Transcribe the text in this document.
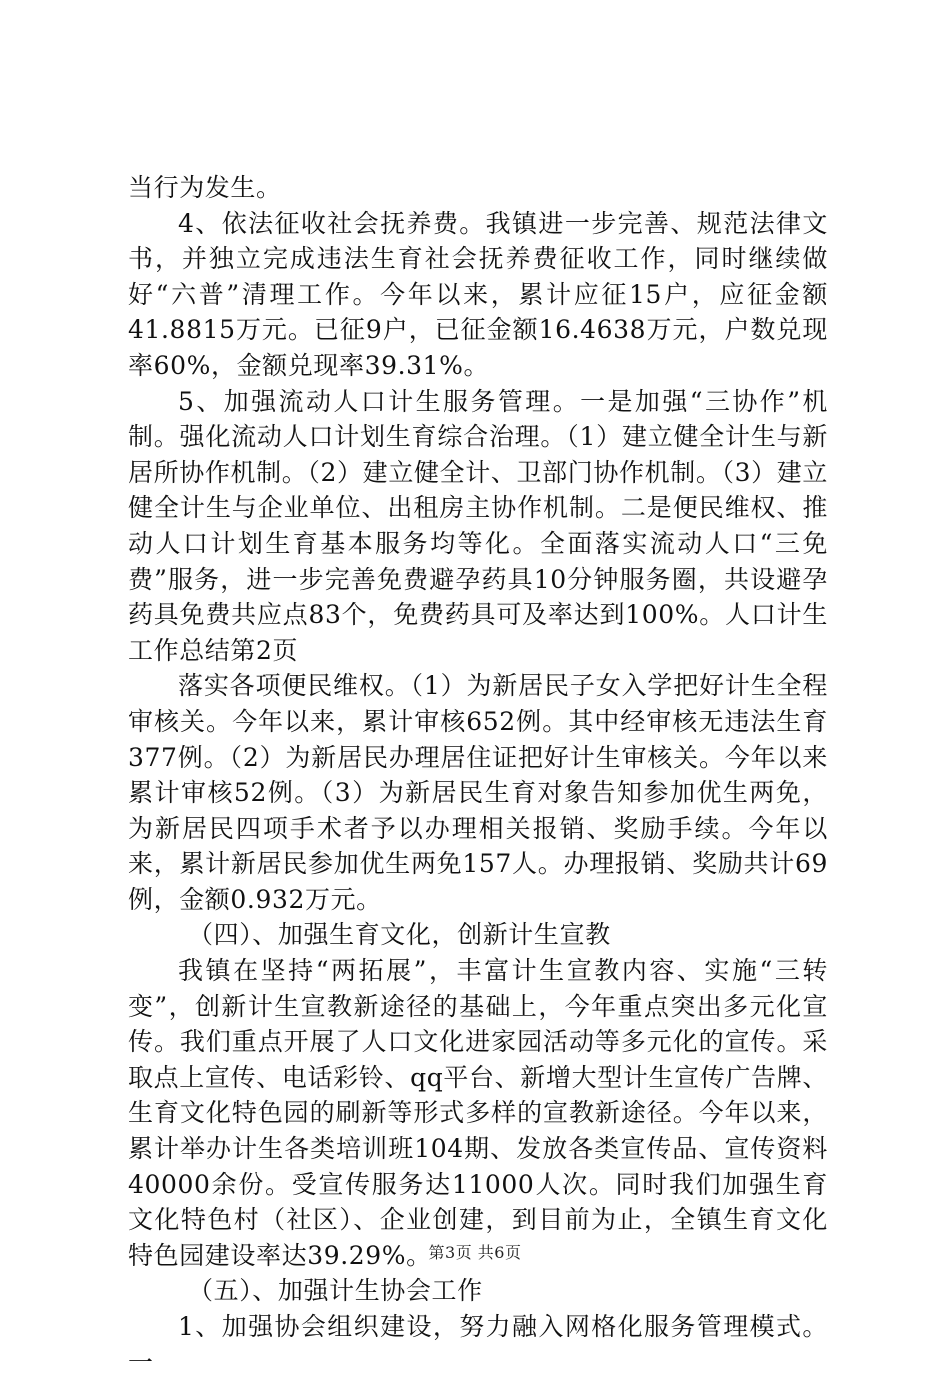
当行为发生。

4、依法征收社会抚养费。我镇进一步完善、规范法律文书，并独立完成违法生育社会抚养费征收工作，同时继续做好“六普”清理工作。今年以来，累计应征15户，应征金额41.8815万元。已征9户，已征金额16.4638万元，户数兑现率60%，金额兑现率39.31%。

5、加强流动人口计生服务管理。一是加强“三协作”机制。强化流动人口计划生育综合治理。（1）建立健全计生与新居所协作机制。（2）建立健全计、卫部门协作机制。（3）建立健全计生与企业单位、出租房主协作机制。二是便民维权、推动人口计划生育基本服务均等化。全面落实流动人口“三免费”服务，进一步完善免费避孕药具10分钟服务圈，共设避孕药具免费共应点83个，免费药具可及率达到100%。人口计生工作总结第2页

落实各项便民维权。（1）为新居民子女入学把好计生全程审核关。今年以来，累计审核652例。其中经审核无违法生育377例。（2）为新居民办理居住证把好计生审核关。今年以来累计审核52例。（3）为新居民生育对象告知参加优生两免，为新居民四项手术者予以办理相关报销、奖励手续。今年以来，累计新居民参加优生两免157人。办理报销、奖励共计69例，金额0.932万元。

（四）、加强生育文化，创新计生宣教

我镇在坚持“两拓展”，丰富计生宣教内容、实施“三转变”，创新计生宣教新途径的基础上，今年重点突出多元化宣传。我们重点开展了人口文化进家园活动等多元化的宣传。采取点上宣传、电话彩铃、qq平台、新增大型计生宣传广告牌、生育文化特色园的刷新等形式多样的宣教新途径。今年以来，累计举办计生各类培训班104期、发放各类宣传品、宣传资料40000余份。受宣传服务达11000人次。同时我们加强生育文化特色村（社区）、企业创建，到目前为止，全镇生育文化特色园建设率达39.29%。

（五）、加强计生协会工作

1、加强协会组织建设，努力融入网格化服务管理模式。一

第3页 共6页
